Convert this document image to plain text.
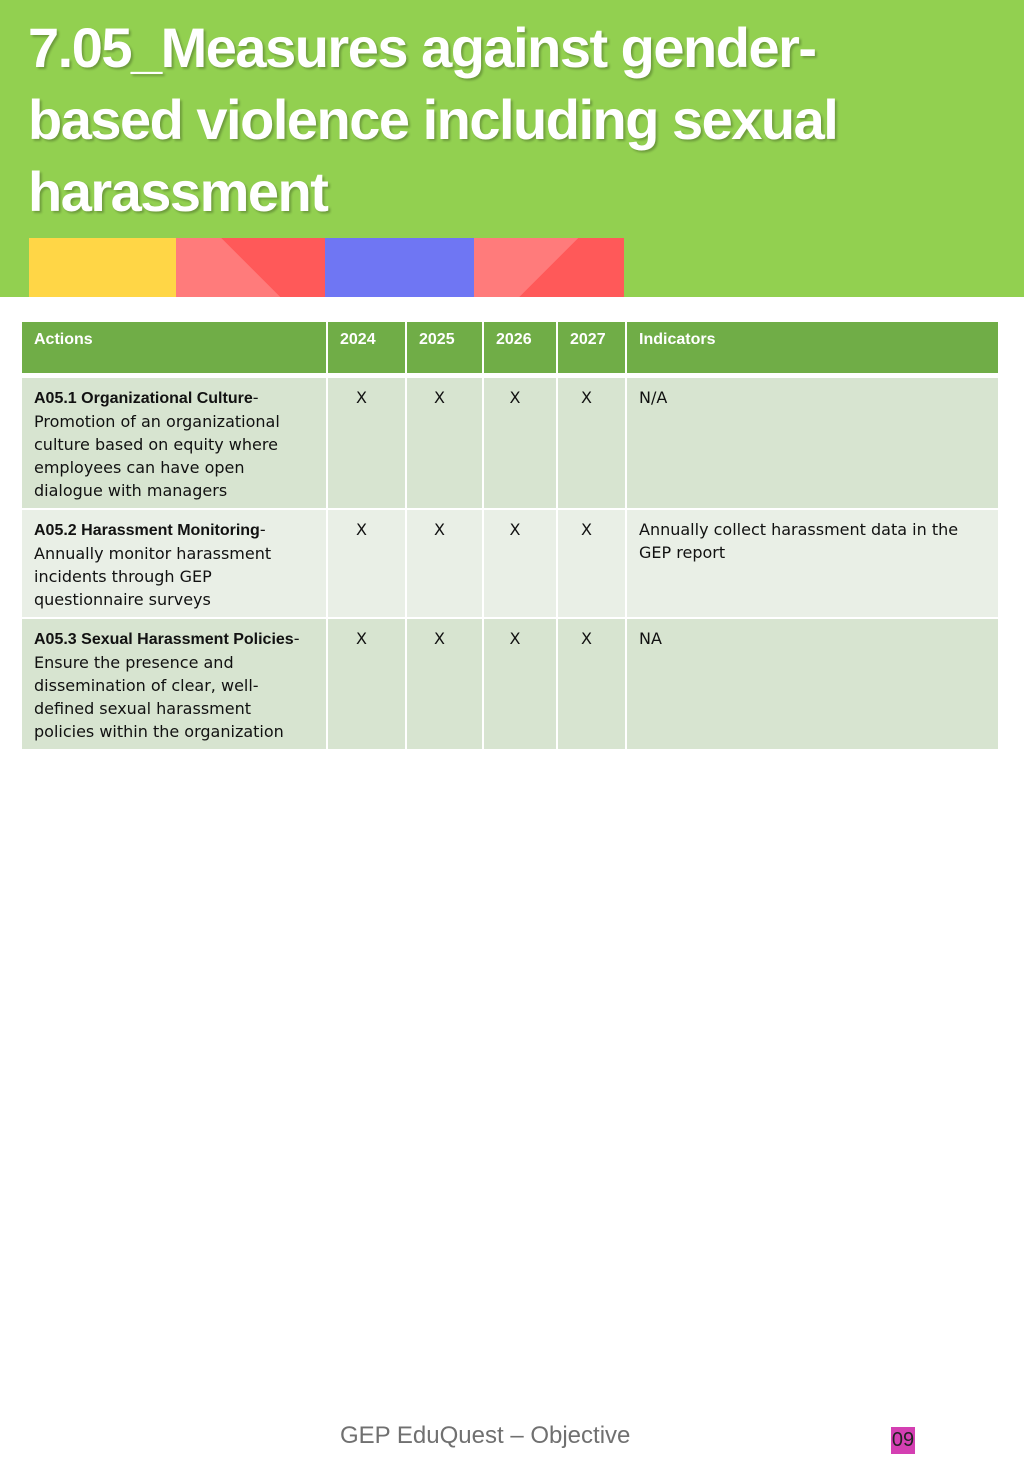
7.05_Measures against gender-based violence including sexual harassment
Actions	2024	2025	2026	2027	Indicators

A05.1 Organizational Culture-Promotion of an organizational culture based on equity where employees can have open dialogue with managers	X	X	X	X	N/A
A05.2 Harassment Monitoring-Annually monitor harassment incidents through GEP questionnaire surveys	X	X	X	X	Annually collect harassment data in the GEP report
A05.3 Sexual Harassment Policies-Ensure the presence and dissemination of clear, well-defined sexual harassment policies within the organization	X	X	X	X	NA
GEP EduQuest – Objective	09
